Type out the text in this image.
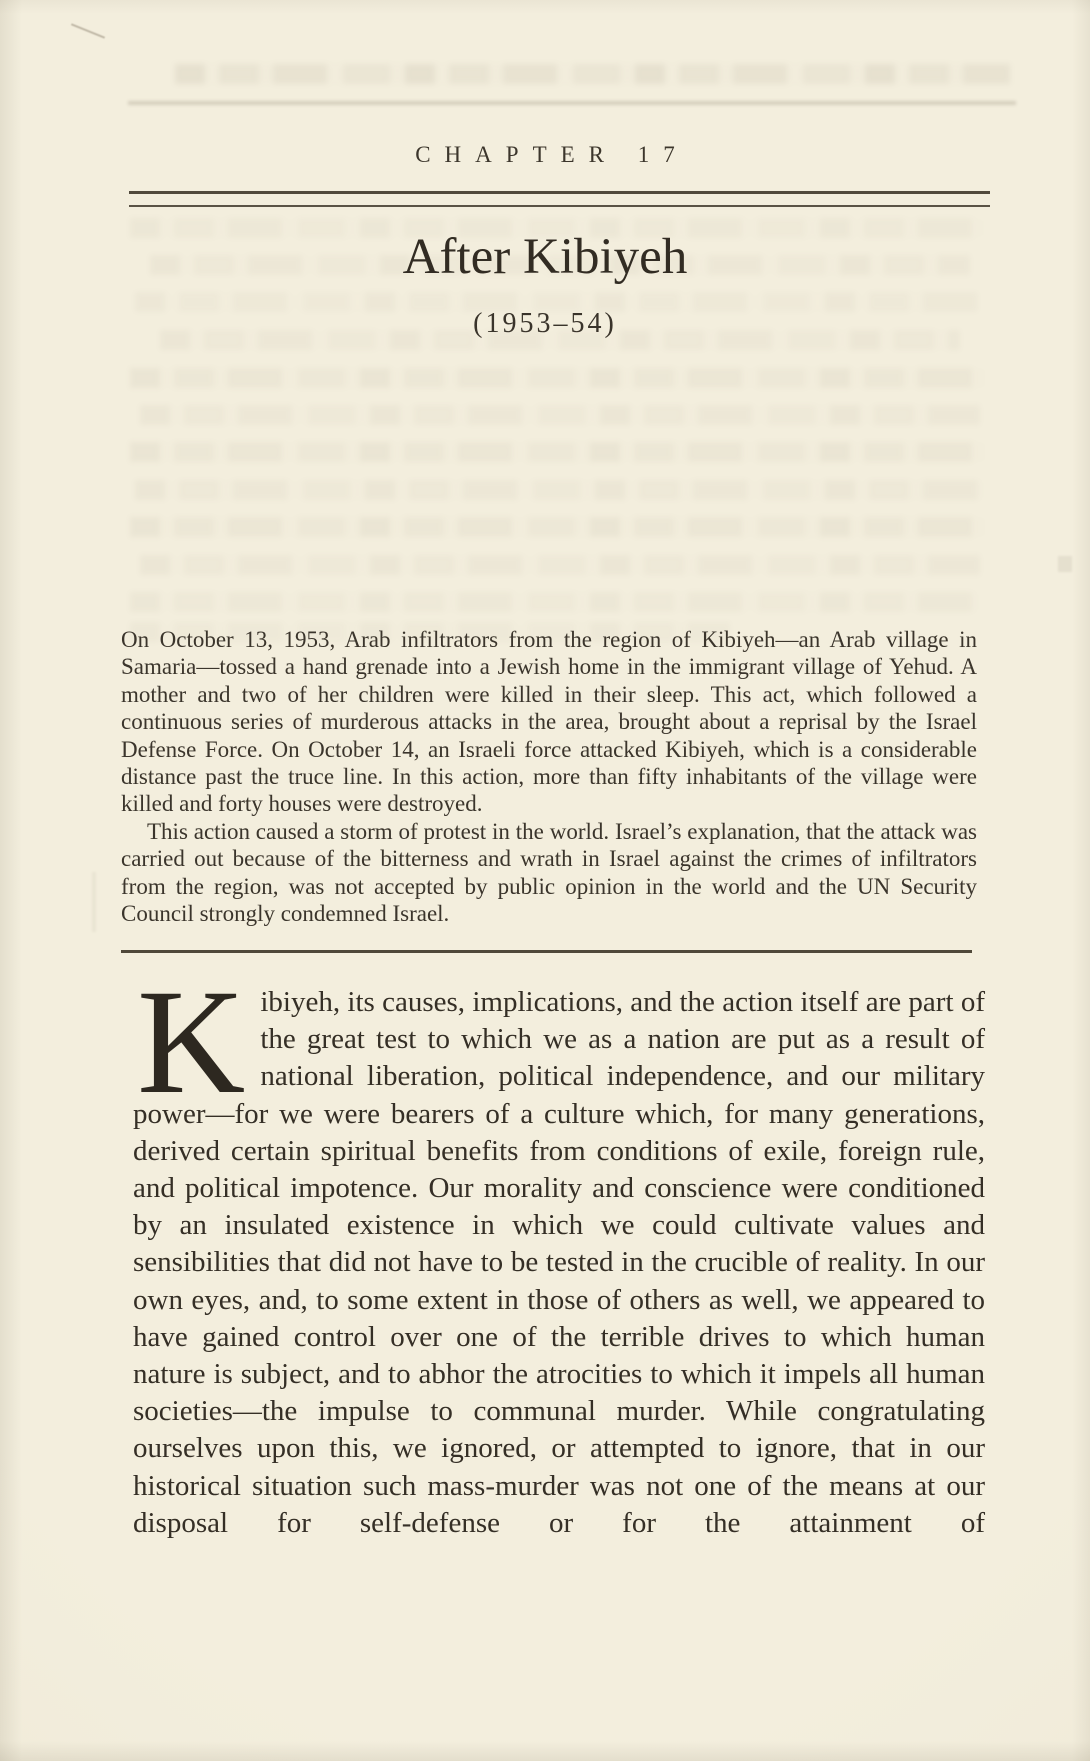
CHAPTER 17
After Kibiyeh
(1953–54)

On October 13, 1953, Arab infiltrators from the region of Kibiyeh—an Arab village in Samaria—tossed a hand grenade into a Jewish home in the immigrant village of Yehud. A mother and two of her children were killed in their sleep. This act, which followed a continuous series of murderous attacks in the area, brought about a reprisal by the Israel Defense Force. On October 14, an Israeli force attacked Kibiyeh, which is a considerable distance past the truce line. In this action, more than fifty inhabitants of the village were killed and forty houses were destroyed.

This action caused a storm of protest in the world. Israel’s explanation, that the attack was carried out because of the bitterness and wrath in Israel against the crimes of infiltrators from the region, was not accepted by public opinion in the world and the UN Security Council strongly condemned Israel.

Kibiyeh, its causes, implications, and the action itself are part of the great test to which we as a nation are put as a result of national liberation, political independence, and our military power—for we were bearers of a culture which, for many generations, derived certain spiritual benefits from conditions of exile, foreign rule, and political impotence. Our morality and conscience were conditioned by an insulated existence in which we could cultivate values and sensibilities that did not have to be tested in the crucible of reality. In our own eyes, and, to some extent in those of others as well, we appeared to have gained control over one of the terrible drives to which human nature is subject, and to abhor the atrocities to which it impels all human societies—the impulse to communal murder. While congratulating ourselves upon this, we ignored, or attempted to ignore, that in our historical situation such mass-murder was not one of the means at our disposal for self-defense or for the attainment of
